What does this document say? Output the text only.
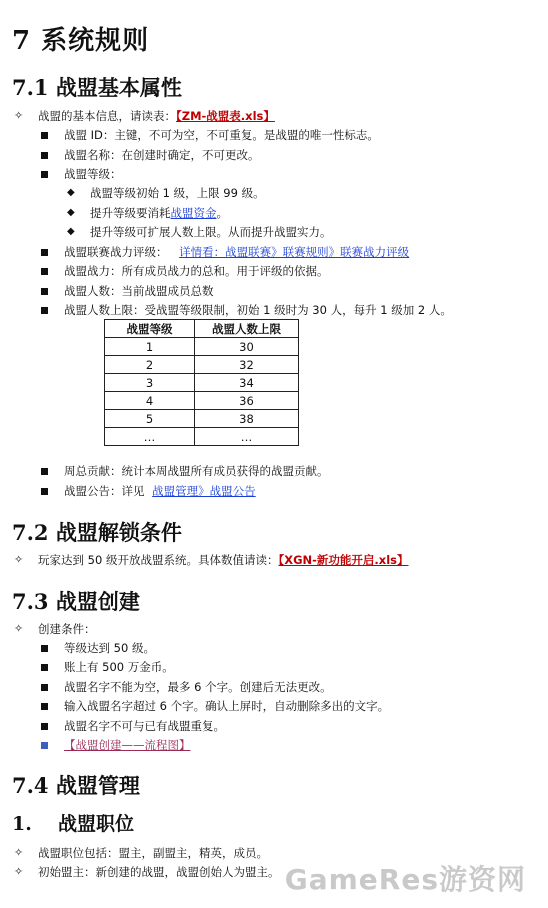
7 系统规则
7.1 战盟基本属性
✧ 战盟的基本信息，请读表：【ZM-战盟表.xls】
战盟 ID：主键，不可为空，不可重复。是战盟的唯一性标志。
战盟名称：在创建时确定，不可更改。
战盟等级：
◆ 战盟等级初始 1 级，上限 99 级。
◆ 提升等级要消耗战盟资金。
◆ 提升等级可扩展人数上限。从而提升战盟实力。
战盟联赛战力评级： 详情看：战盟联赛》联赛规则》联赛战力评级
战盟战力：所有成员战力的总和。用于评级的依据。
战盟人数：当前战盟成员总数
战盟人数上限：受战盟等级限制，初始 1 级时为 30 人，每升 1 级加 2 人。
战盟等级	战盟人数上限
1	30
2	32
3	34
4	36
5	38
…	…
周总贡献：统计本周战盟所有成员获得的战盟贡献。
战盟公告：详见 战盟管理》战盟公告
7.2 战盟解锁条件
✧ 玩家达到 50 级开放战盟系统。具体数值请读：【XGN-新功能开启.xls】
7.3 战盟创建
✧ 创建条件：
等级达到 50 级。
账上有 500 万金币。
战盟名字不能为空，最多 6 个字。创建后无法更改。
输入战盟名字超过 6 个字。确认上屏时，自动删除多出的文字。
战盟名字不可与已有战盟重复。
【战盟创建——流程图】
7.4 战盟管理
1. 战盟职位
✧ 战盟职位包括：盟主，副盟主，精英，成员。
✧ 初始盟主：新创建的战盟，战盟创始人为盟主。 GameRes游资网
